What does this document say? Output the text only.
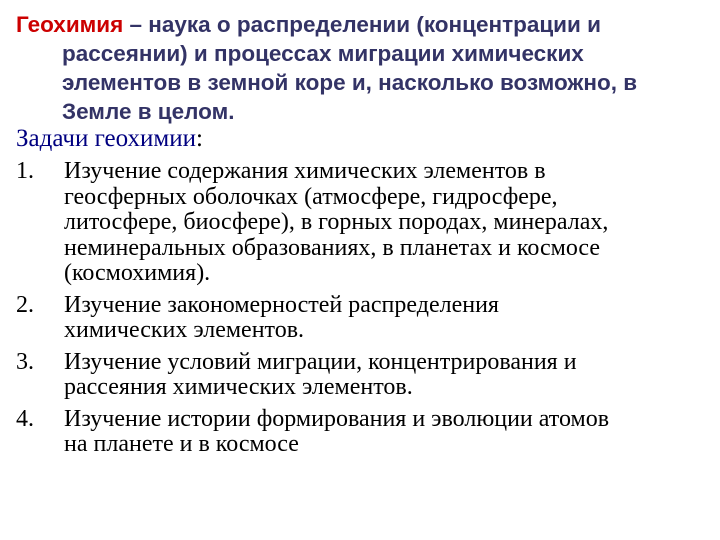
Геохимия – наука о распределении (концентрации и
рассеянии) и процессах миграции химических
элементов в земной коре и, насколько возможно, в
Земле в целом.
Задачи геохимии:
1.	Изучение содержания химических элементов в
геосферных оболочках (атмосфере, гидросфере,
литосфере, биосфере), в горных породах, минералах,
неминеральных образованиях, в планетах и космосе
(космохимия).
2.	Изучение закономерностей распределения
химических элементов.
3.	Изучение условий миграции, концентрирования и
рассеяния химических элементов.
4.	Изучение истории формирования и эволюции атомов
на планете и в космосе
